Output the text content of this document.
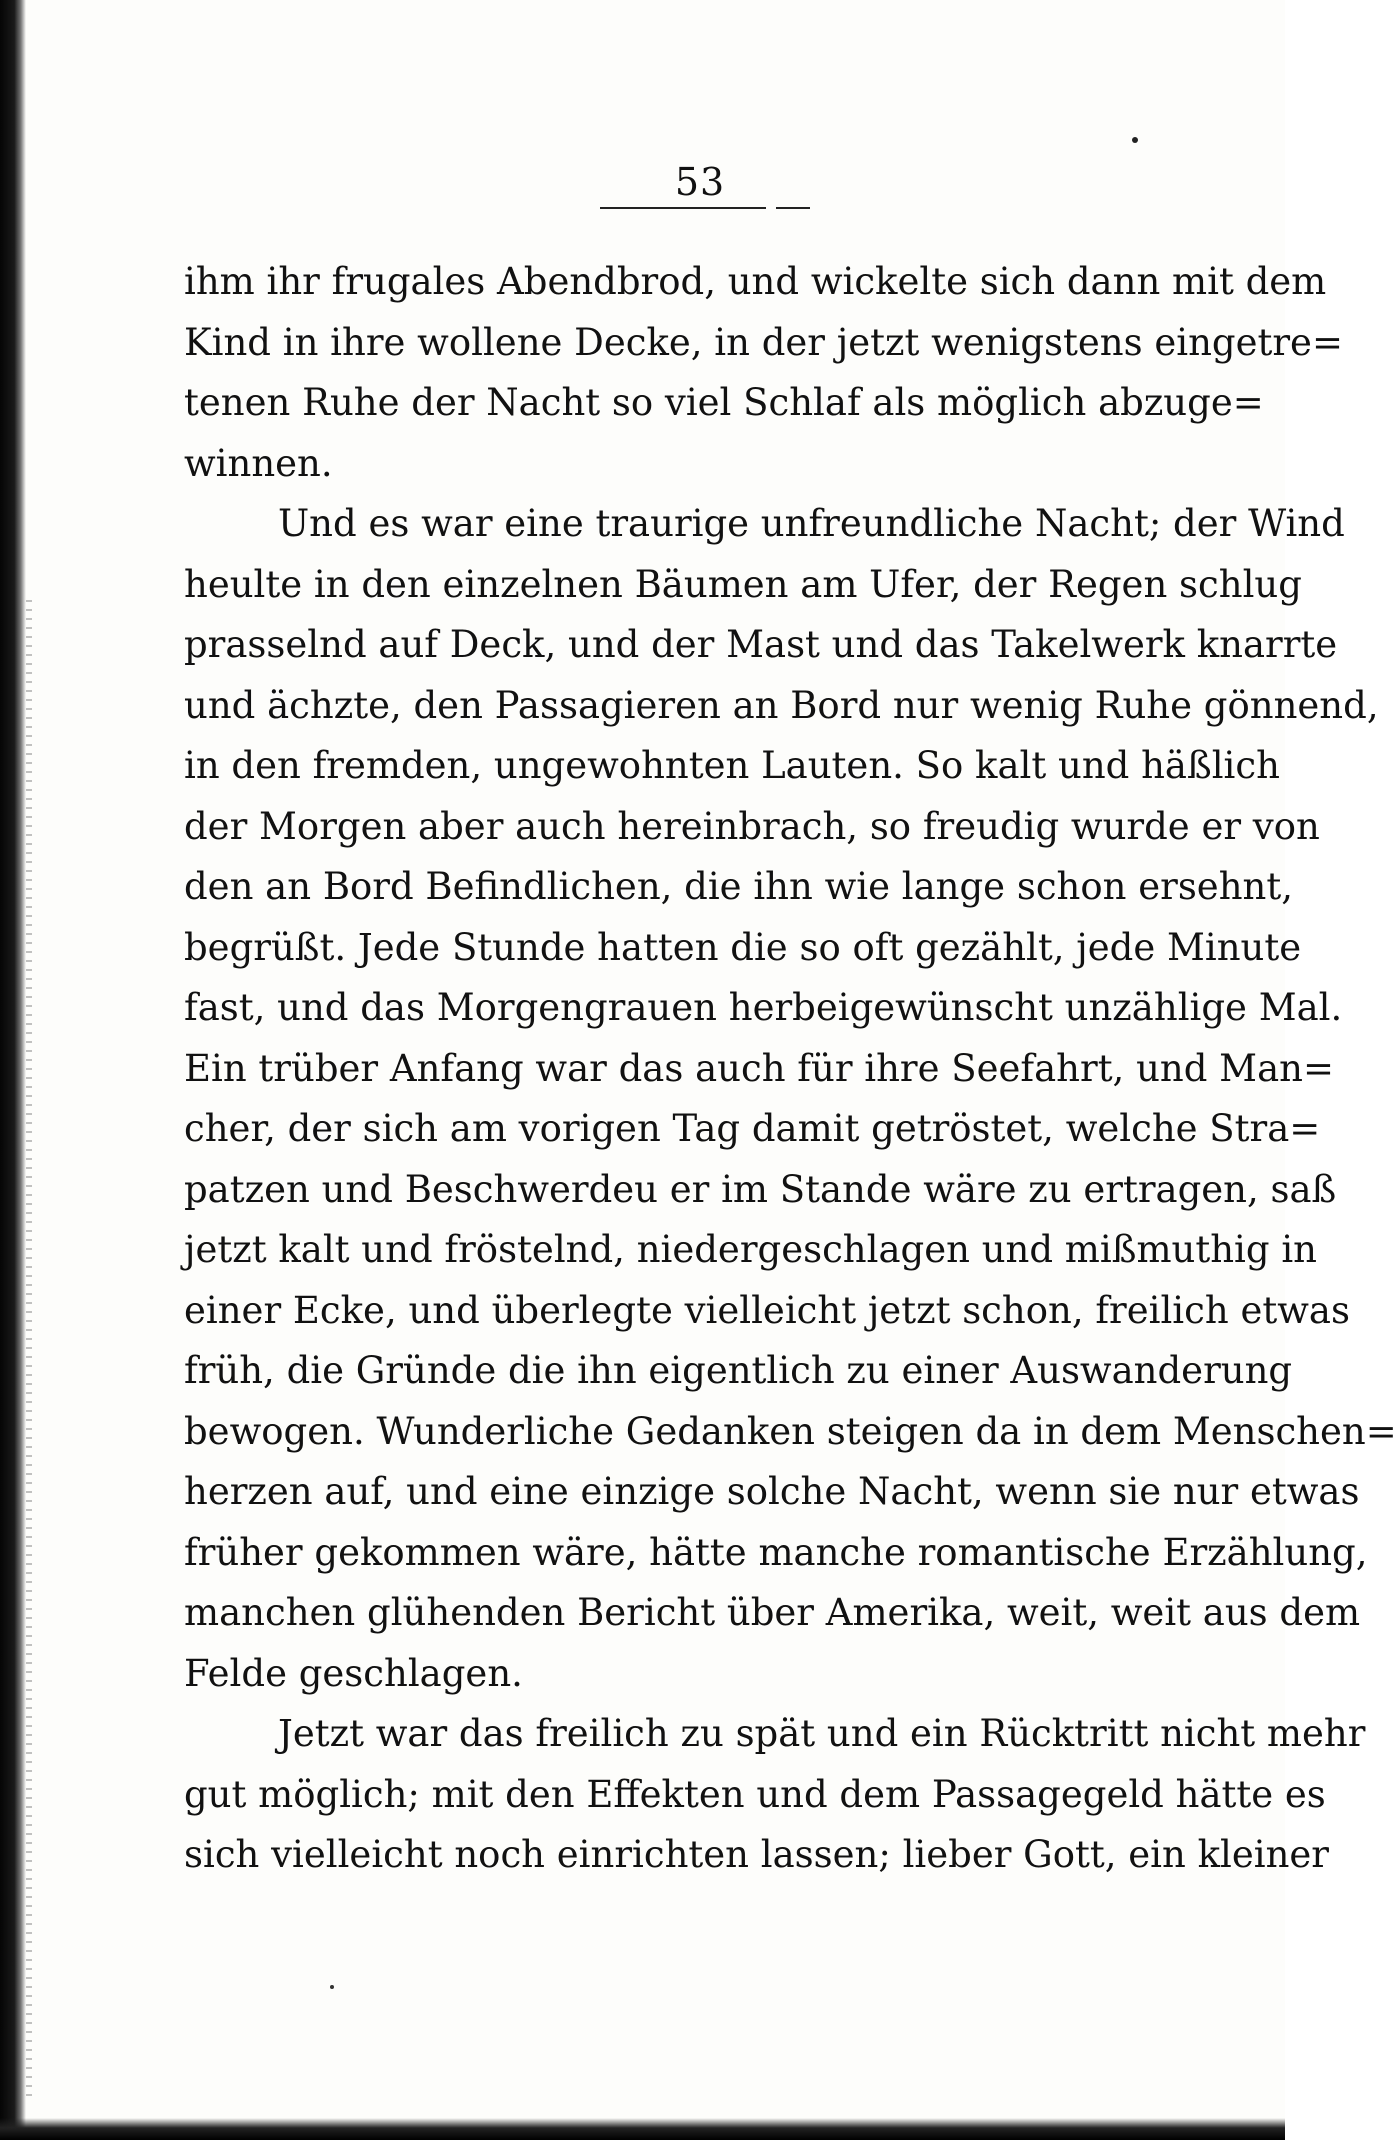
53
ihm ihr frugales Abendbrod, und wickelte sich dann mit dem
Kind in ihre wollene Decke, in der jetzt wenigstens eingetre=
tenen Ruhe der Nacht so viel Schlaf als möglich abzuge=
winnen.
Und es war eine traurige unfreundliche Nacht; der Wind
heulte in den einzelnen Bäumen am Ufer, der Regen schlug
prasselnd auf Deck, und der Mast und das Takelwerk knarrte
und ächzte, den Passagieren an Bord nur wenig Ruhe gönnend,
in den fremden, ungewohnten Lauten. So kalt und häßlich
der Morgen aber auch hereinbrach, so freudig wurde er von
den an Bord Befindlichen, die ihn wie lange schon ersehnt,
begrüßt. Jede Stunde hatten die so oft gezählt, jede Minute
fast, und das Morgengrauen herbeigewünscht unzählige Mal.
Ein trüber Anfang war das auch für ihre Seefahrt, und Man=
cher, der sich am vorigen Tag damit getröstet, welche Stra=
patzen und Beschwerdeu er im Stande wäre zu ertragen, saß
jetzt kalt und fröstelnd, niedergeschlagen und mißmuthig in
einer Ecke, und überlegte vielleicht jetzt schon, freilich etwas
früh, die Gründe die ihn eigentlich zu einer Auswanderung
bewogen. Wunderliche Gedanken steigen da in dem Menschen=
herzen auf, und eine einzige solche Nacht, wenn sie nur etwas
früher gekommen wäre, hätte manche romantische Erzählung,
manchen glühenden Bericht über Amerika, weit, weit aus dem
Felde geschlagen.
Jetzt war das freilich zu spät und ein Rücktritt nicht mehr
gut möglich; mit den Effekten und dem Passagegeld hätte es
sich vielleicht noch einrichten lassen; lieber Gott, ein kleiner
